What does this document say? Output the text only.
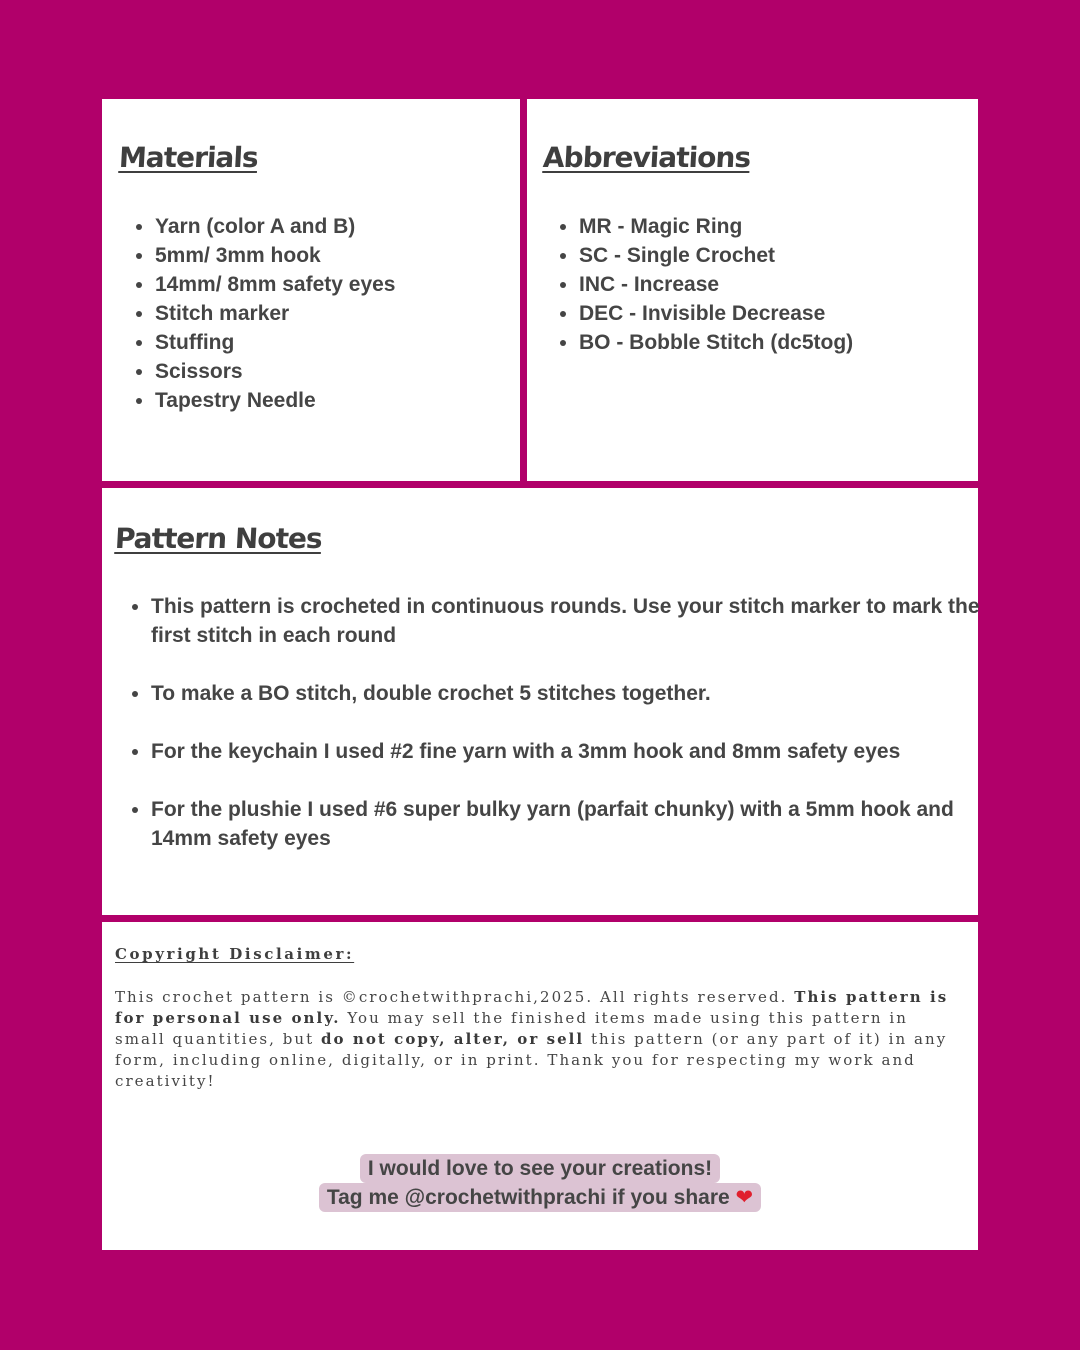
Materials
• Yarn (color A and B)
• 5mm/ 3mm hook
• 14mm/ 8mm safety eyes
• Stitch marker
• Stuffing
• Scissors
• Tapestry Needle
Abbreviations
• MR - Magic Ring
• SC - Single Crochet
• INC - Increase
• DEC - Invisible Decrease
• BO - Bobble Stitch (dc5tog)
Pattern Notes
• This pattern is crocheted in continuous rounds. Use your stitch marker to mark the first stitch in each round
• To make a BO stitch, double crochet 5 stitches together.
• For the keychain I used #2 fine yarn with a 3mm hook and 8mm safety eyes
• For the plushie I used #6 super bulky yarn (parfait chunky) with a 5mm hook and 14mm safety eyes

Copyright Disclaimer:

This crochet pattern is ©crochetwithprachi,2025. All rights reserved. This pattern is for personal use only. You may sell the finished items made using this pattern in small quantities, but do not copy, alter, or sell this pattern (or any part of it) in any form, including online, digitally, or in print. Thank you for respecting my work and creativity!

I would love to see your creations!
Tag me @crochetwithprachi if you share ❤
